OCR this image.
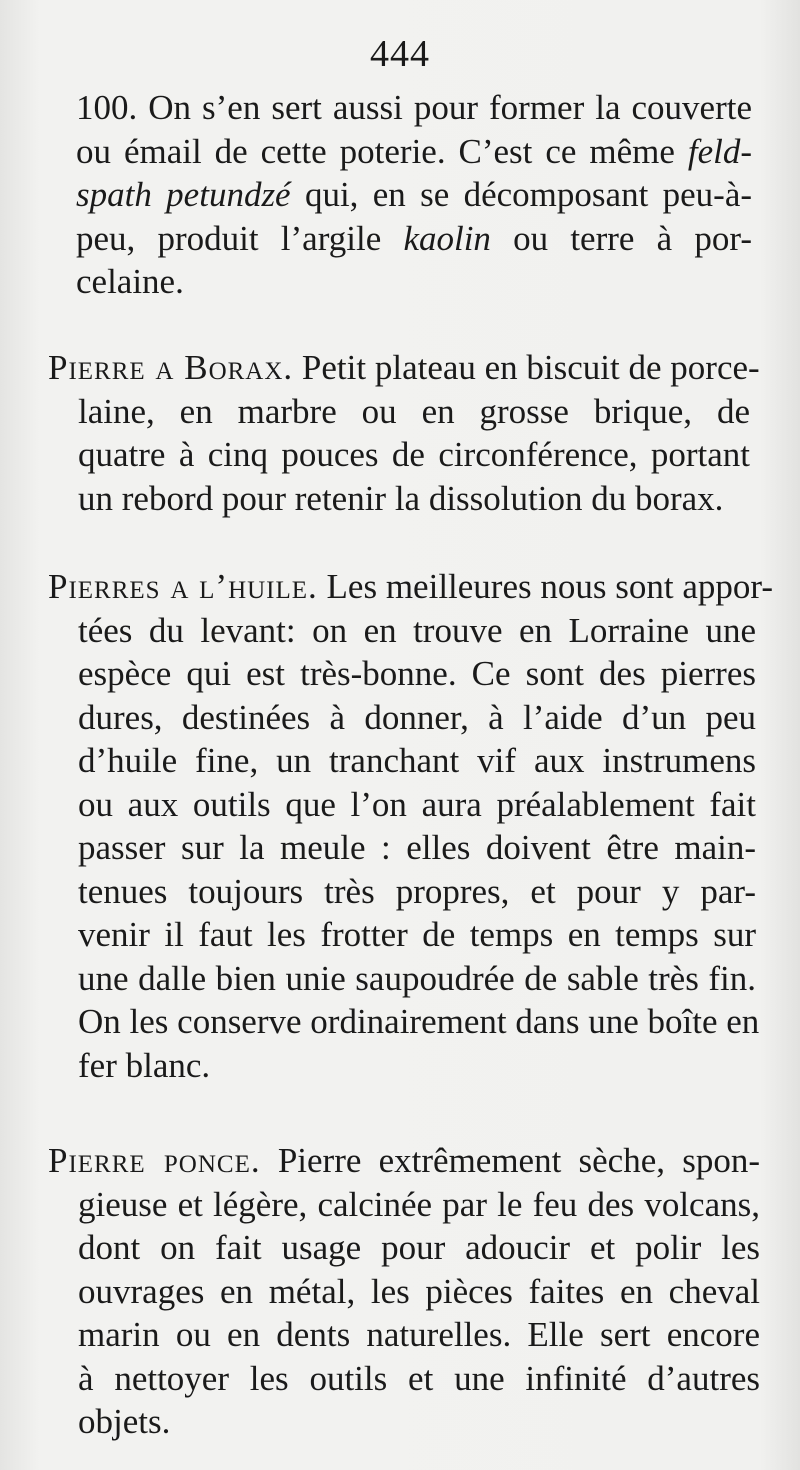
444
100. On s’en sert aussi pour former la couverte
ou émail de cette poterie. C’est ce même feld-
spath petundzé qui, en se décomposant peu-à-
peu, produit l’argile kaolin ou terre à por-
celaine.
Pierre a Borax. Petit plateau en biscuit de porce-
laine, en marbre ou en grosse brique, de
quatre à cinq pouces de circonférence, portant
un rebord pour retenir la dissolution du borax.
Pierres a l’huile. Les meilleures nous sont appor-
tées du levant: on en trouve en Lorraine une
espèce qui est très-bonne. Ce sont des pierres
dures, destinées à donner, à l’aide d’un peu
d’huile fine, un tranchant vif aux instrumens
ou aux outils que l’on aura préalablement fait
passer sur la meule : elles doivent être main-
tenues toujours très propres, et pour y par-
venir il faut les frotter de temps en temps sur
une dalle bien unie saupoudrée de sable très fin.
On les conserve ordinairement dans une boîte en
fer blanc.
Pierre ponce. Pierre extrêmement sèche, spon-
gieuse et légère, calcinée par le feu des volcans,
dont on fait usage pour adoucir et polir les
ouvrages en métal, les pièces faites en cheval
marin ou en dents naturelles. Elle sert encore
à nettoyer les outils et une infinité d’autres
objets.
